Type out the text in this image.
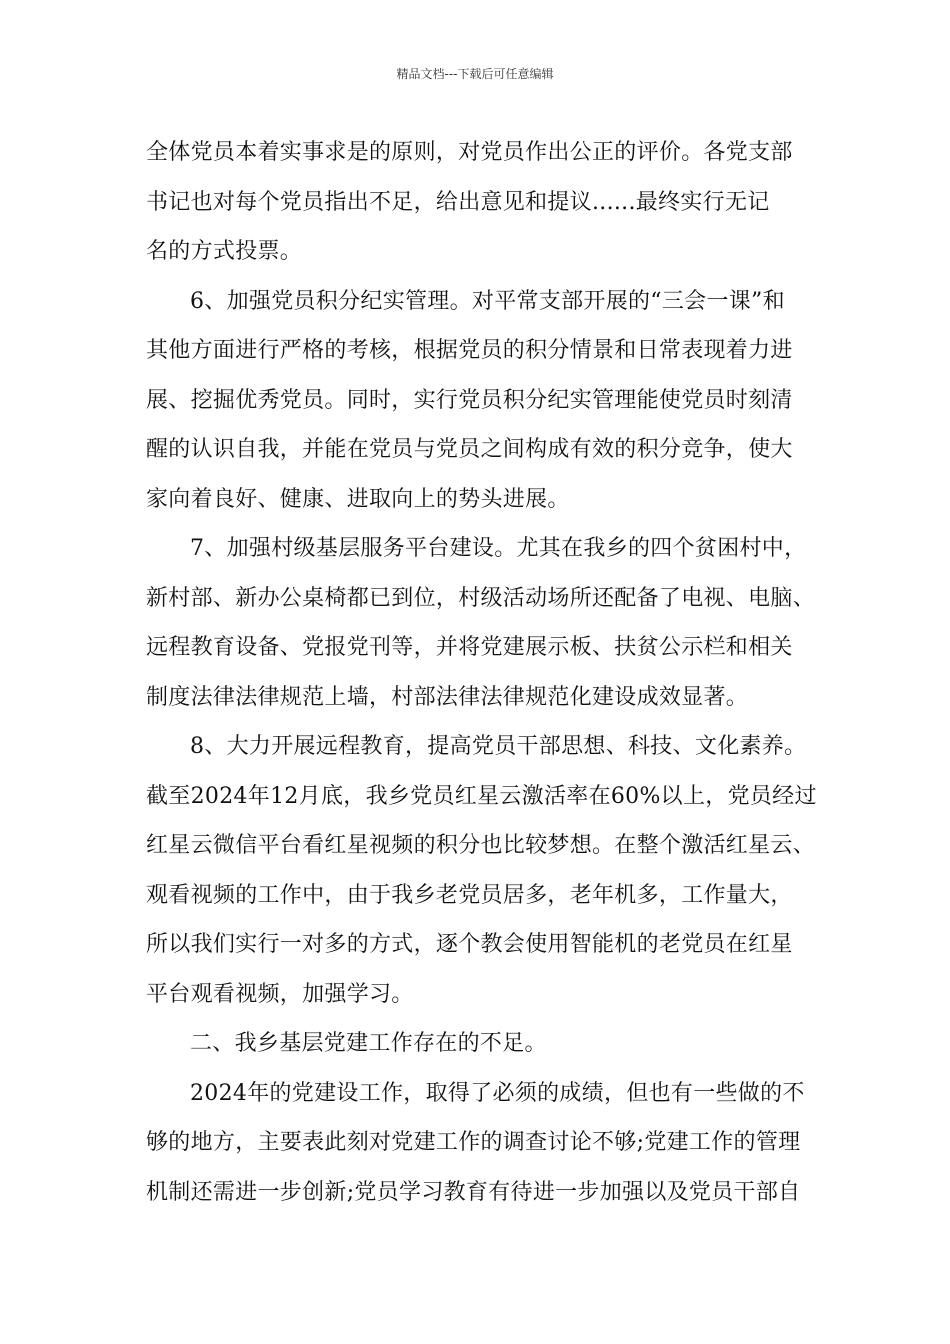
精品文档---下载后可任意编辑
全体党员本着实事求是的原则，对党员作出公正的评价。各党支部
书记也对每个党员指出不足，给出意见和提议......最终实行无记
名的方式投票。
6、加强党员积分纪实管理。对平常支部开展的“三会一课”和
其他方面进行严格的考核，根据党员的积分情景和日常表现着力进
展、挖掘优秀党员。同时，实行党员积分纪实管理能使党员时刻清
醒的认识自我，并能在党员与党员之间构成有效的积分竞争，使大
家向着良好、健康、进取向上的势头进展。
7、加强村级基层服务平台建设。尤其在我乡的四个贫困村中，
新村部、新办公桌椅都已到位，村级活动场所还配备了电视、电脑、
远程教育设备、党报党刊等，并将党建展示板、扶贫公示栏和相关
制度法律法律规范上墙，村部法律法律规范化建设成效显著。
8、大力开展远程教育，提高党员干部思想、科技、文化素养。
截至2024年12月底，我乡党员红星云激活率在60%以上，党员经过
红星云微信平台看红星视频的积分也比较梦想。在整个激活红星云、
观看视频的工作中，由于我乡老党员居多，老年机多，工作量大，
所以我们实行一对多的方式，逐个教会使用智能机的老党员在红星
平台观看视频，加强学习。
二、我乡基层党建工作存在的不足。
2024年的党建设工作，取得了必须的成绩，但也有一些做的不
够的地方，主要表此刻对党建工作的调查讨论不够;党建工作的管理
机制还需进一步创新;党员学习教育有待进一步加强以及党员干部自
